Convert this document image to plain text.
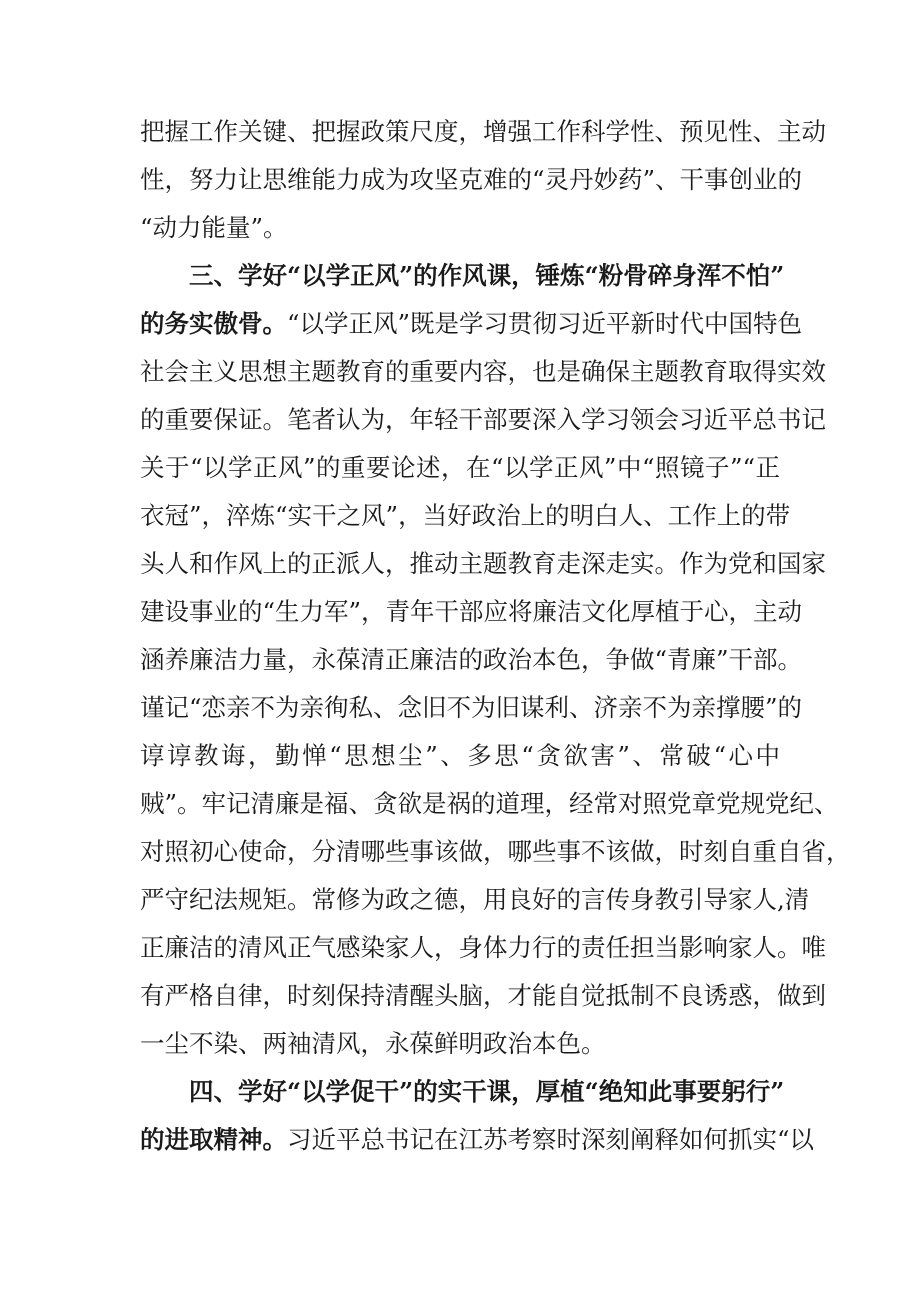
把握工作关键、把握政策尺度，增强工作科学性、预见性、主动
性，努力让思维能力成为攻坚克难的“灵丹妙药”、干事创业的
“动力能量”。
三、学好“以学正风”的作风课，锤炼“粉骨碎身浑不怕”
的务实傲骨。“以学正风”既是学习贯彻习近平新时代中国特色
社会主义思想主题教育的重要内容，也是确保主题教育取得实效
的重要保证。笔者认为，年轻干部要深入学习领会习近平总书记
关于“以学正风”的重要论述，在“以学正风”中“照镜子”“正
衣冠”，淬炼“实干之风”，当好政治上的明白人、工作上的带
头人和作风上的正派人，推动主题教育走深走实。作为党和国家
建设事业的“生力军”，青年干部应将廉洁文化厚植于心，主动
涵养廉洁力量，永葆清正廉洁的政治本色，争做“青廉”干部。
谨记“恋亲不为亲徇私、念旧不为旧谋利、济亲不为亲撑腰”的
谆谆教诲，勤惮“思想尘”、多思“贪欲害”、常破“心中
贼”。牢记清廉是福、贪欲是祸的道理，经常对照党章党规党纪、
对照初心使命，分清哪些事该做，哪些事不该做，时刻自重自省，
严守纪法规矩。常修为政之德，用良好的言传身教引导家人,清
正廉洁的清风正气感染家人，身体力行的责任担当影响家人。唯
有严格自律，时刻保持清醒头脑，才能自觉抵制不良诱惑，做到
一尘不染、两袖清风，永葆鲜明政治本色。
四、学好“以学促干”的实干课，厚植“绝知此事要躬行”
的进取精神。习近平总书记在江苏考察时深刻阐释如何抓实“以
